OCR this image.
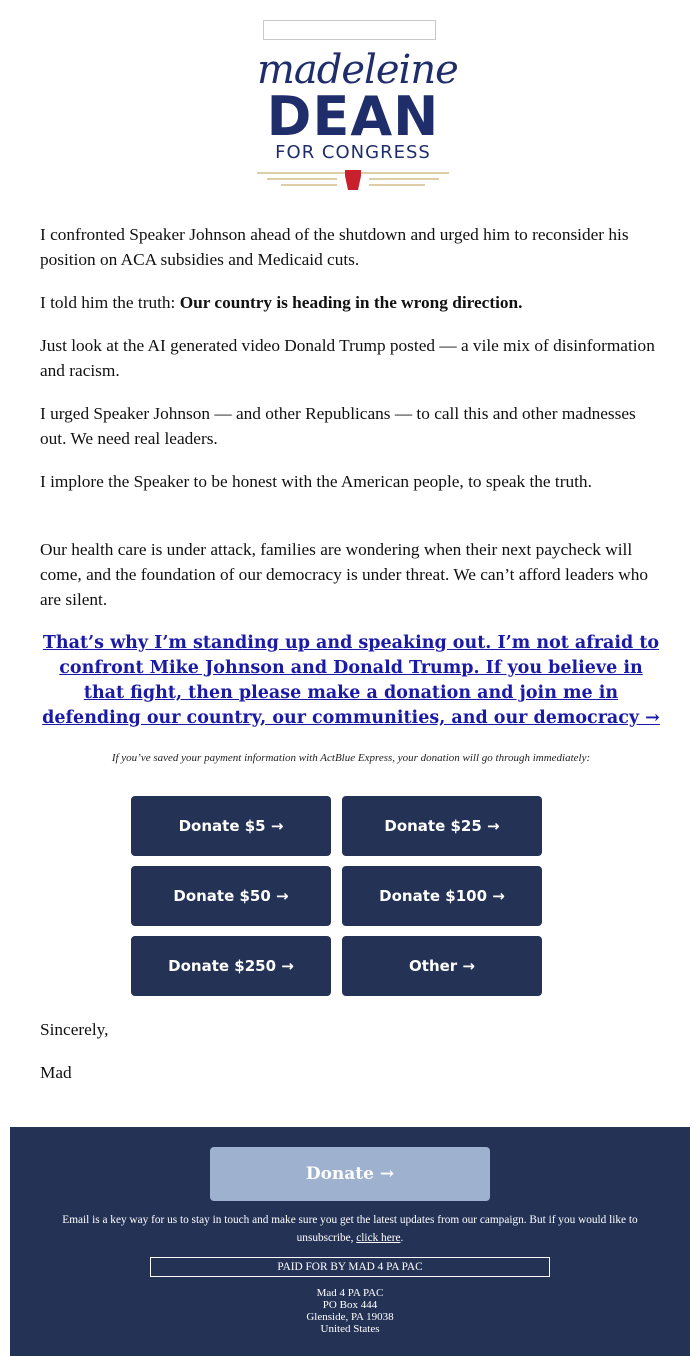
madeleine
DEAN
FOR CONGRESS

I confronted Speaker Johnson ahead of the shutdown and urged him to reconsider his position on ACA subsidies and Medicaid cuts.

I told him the truth: Our country is heading in the wrong direction.

Just look at the AI generated video Donald Trump posted — a vile mix of disinformation and racism.

I urged Speaker Johnson — and other Republicans — to call this and other madnesses out. We need real leaders.

I implore the Speaker to be honest with the American people, to speak the truth.

Our health care is under attack, families are wondering when their next paycheck will come, and the foundation of our democracy is under threat. We can’t afford leaders who are silent.

That’s why I’m standing up and speaking out. I’m not afraid to confront Mike Johnson and Donald Trump. If you believe in that fight, then please make a donation and join me in defending our country, our communities, and our democracy →
If you’ve saved your payment information with ActBlue Express, your donation will go through immediately:
Donate $5 →	Donate $25 →
Donate $50 →	Donate $100 →
Donate $250 →	Other →
Sincerely,
Mad
Donate →
Email is a key way for us to stay in touch and make sure you get the latest updates from our campaign. But if you would like to unsubscribe, click here.
PAID FOR BY MAD 4 PA PAC
Mad 4 PA PAC
PO Box 444
Glenside, PA 19038
United States
